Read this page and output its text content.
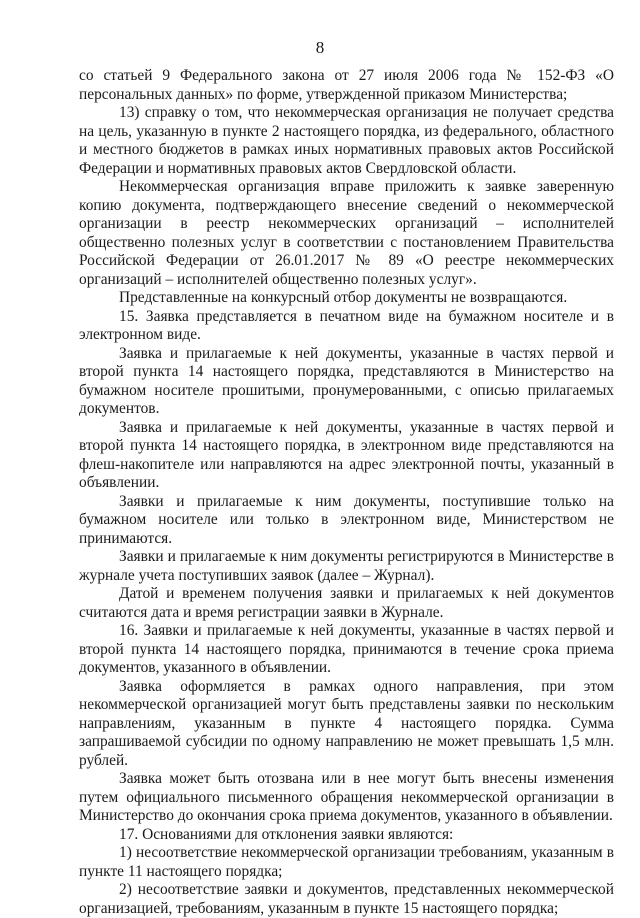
8

со статьей 9 Федерального закона от 27 июля 2006 года № 152-ФЗ «О персональных данных» по форме, утвержденной приказом Министерства;

13) справку о том, что некоммерческая организация не получает средства на цель, указанную в пункте 2 настоящего порядка, из федерального, областного и местного бюджетов в рамках иных нормативных правовых актов Российской Федерации и нормативных правовых актов Свердловской области.

Некоммерческая организация вправе приложить к заявке заверенную копию документа, подтверждающего внесение сведений о некоммерческой организации в реестр некоммерческих организаций – исполнителей общественно полезных услуг в соответствии с постановлением Правительства Российской Федерации от 26.01.2017 № 89 «О реестре некоммерческих организаций – исполнителей общественно полезных услуг».

Представленные на конкурсный отбор документы не возвращаются.

15. Заявка представляется в печатном виде на бумажном носителе и в электронном виде.

Заявка и прилагаемые к ней документы, указанные в частях первой и второй пункта 14 настоящего порядка, представляются в Министерство на бумажном носителе прошитыми, пронумерованными, с описью прилагаемых документов.

Заявка и прилагаемые к ней документы, указанные в частях первой и второй пункта 14 настоящего порядка, в электронном виде представляются на флеш-накопителе или направляются на адрес электронной почты, указанный в объявлении.

Заявки и прилагаемые к ним документы, поступившие только на бумажном носителе или только в электронном виде, Министерством не принимаются.

Заявки и прилагаемые к ним документы регистрируются в Министерстве в журнале учета поступивших заявок (далее – Журнал).

Датой и временем получения заявки и прилагаемых к ней документов считаются дата и время регистрации заявки в Журнале.

16. Заявки и прилагаемые к ней документы, указанные в частях первой и второй пункта 14 настоящего порядка, принимаются в течение срока приема документов, указанного в объявлении.

Заявка оформляется в рамках одного направления, при этом некоммерческой организацией могут быть представлены заявки по нескольким направлениям, указанным в пункте 4 настоящего порядка. Сумма запрашиваемой субсидии по одному направлению не может превышать 1,5 млн. рублей.

Заявка может быть отозвана или в нее могут быть внесены изменения путем официального письменного обращения некоммерческой организации в Министерство до окончания срока приема документов, указанного в объявлении.

17. Основаниями для отклонения заявки являются:

1) несоответствие некоммерческой организации требованиям, указанным в пункте 11 настоящего порядка;

2) несоответствие заявки и документов, представленных некоммерческой организацией, требованиям, указанным в пункте 15 настоящего порядка;
